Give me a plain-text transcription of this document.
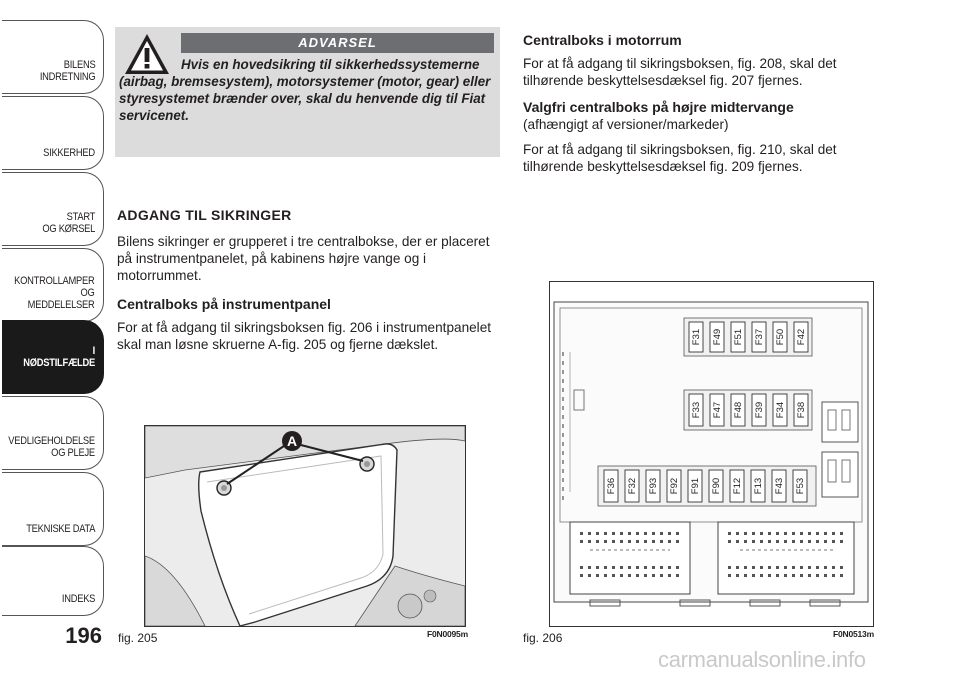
BILENS
INDRETNING
SIKKERHED
START
OG KØRSEL
KONTROLLAMPER
OG MEDDELELSER
I NØDSTILFÆLDE
VEDLIGEHOLDELSE
OG PLEJE
TEKNISKE DATA
INDEKS
196
ADVARSEL
Hvis en hovedsikring til sikkerhedssystemerne (airbag, bremsesystem), motorsystemer (motor, gear) eller styresystemet brænder over, skal du henvende dig til Fiat servicenet.
ADGANG TIL SIKRINGER
Bilens sikringer er grupperet i tre centralbokse, der er placeret på instrumentpanelet, på kabinens højre vange og i motorrummet.
Centralboks på instrumentpanel
For at få adgang til sikringsboksen fig. 206 i instrumentpanelet skal man løsne skruerne A-fig. 205 og fjerne dækslet.
Centralboks i motorrum
For at få adgang til sikringsboksen, fig. 208, skal det tilhørende beskyttelsesdæksel fig. 207 fjernes.
Valgfri centralboks på højre midtervange
(afhængigt af versioner/markeder)
For at få adgang til sikringsboksen, fig. 210, skal det tilhørende beskyttelsesdæksel fig. 209 fjernes.
A
fig. 205	F0N0095m
F31 F49 F51 F37 F50 F42
F33 F47 F48 F39 F34 F38
F36 F32 F93 F92 F91 F90 F12 F13 F43 F53
fig. 206	F0N0513m
carmanualsonline.info
